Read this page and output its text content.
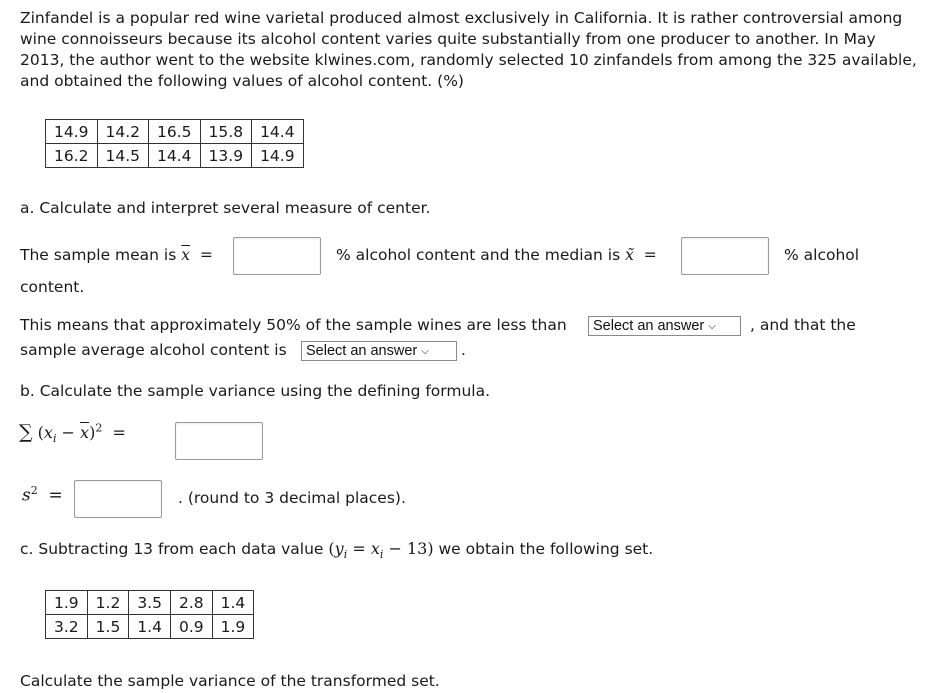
Zinfandel is a popular red wine varietal produced almost exclusively in California. It is rather controversial among wine connoisseurs because its alcohol content varies quite substantially from one producer to another. In May 2013, the author went to the website klwines.com, randomly selected 10 zinfandels from among the 325 available, and obtained the following values of alcohol content. (%)

14.9	14.2	16.5	15.8	14.4
16.2	14.5	14.4	13.9	14.9
a. Calculate and interpret several measure of center.
The sample mean is $\overline{x}$  =	% alcohol content and the median is x̃  =	% alcohol
content.
This means that approximately 50% of the sample wines are less than	Select an answer ⌵	, and that the
sample average alcohol content is	Select an answer ⌵	.
b. Calculate the sample variance using the defining formula.
∑ $(x_i - \overline{x})^2$  =
$s^2$  =	. (round to 3 decimal places).
c. Subtracting 13 from each data value $(y_i = x_i - 13)$ we obtain the following set.
1.9	1.2	3.5	2.8	1.4
3.2	1.5	1.4	0.9	1.9
Calculate the sample variance of the transformed set.
